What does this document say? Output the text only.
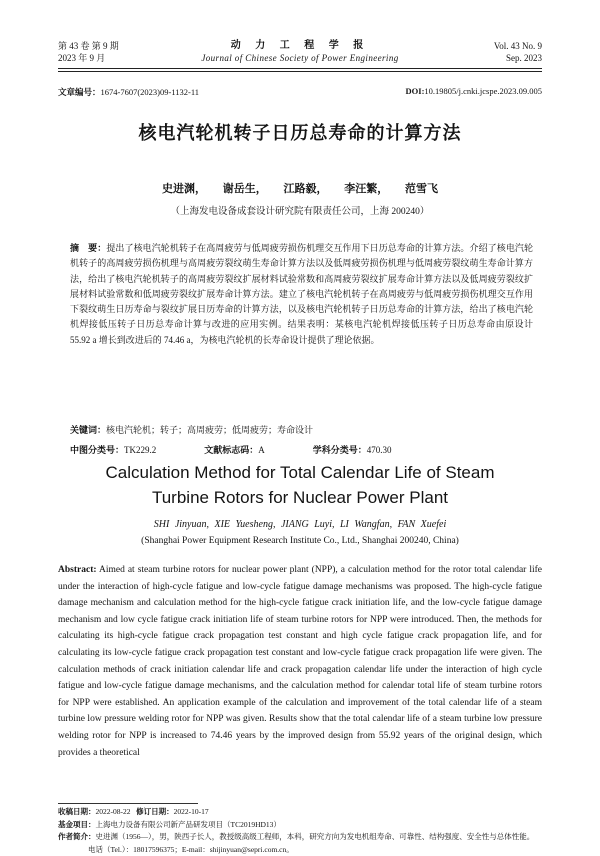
第 43 卷 第 9 期
2023 年 9 月
动 力 工 程 学 报
Journal of Chinese Society of Power Engineering
Vol. 43 No. 9
Sep. 2023
文章编号：1674-7607(2023)09-1132-11	DOI:10.19805/j.cnki.jcspe.2023.09.005
核电汽轮机转子日历总寿命的计算方法
史进渊， 谢岳生， 江路毅， 李汪繁， 范雪飞
（上海发电设备成套设计研究院有限责任公司，上海 200240）

摘　要：提出了核电汽轮机转子在高周疲劳与低周疲劳损伤机理交互作用下日历总寿命的计算方法。介绍了核电汽轮机转子的高周疲劳损伤机理与高周疲劳裂纹萌生寿命计算方法以及低周疲劳损伤机理与低周疲劳裂纹萌生寿命计算方法，给出了核电汽轮机转子的高周疲劳裂纹扩展材料试验常数和高周疲劳裂纹扩展寿命计算方法以及低周疲劳裂纹扩展材料试验常数和低周疲劳裂纹扩展寿命计算方法。建立了核电汽轮机转子在高周疲劳与低周疲劳损伤机理交互作用下裂纹萌生日历寿命与裂纹扩展日历寿命的计算方法，以及核电汽轮机转子日历总寿命的计算方法，给出了核电汽轮机焊接低压转子日历总寿命计算与改进的应用实例。结果表明：某核电汽轮机焊接低压转子日历总寿命由原设计 55.92 a 增长到改进后的 74.46 a，为核电汽轮机的长寿命设计提供了理论依据。

关键词：核电汽轮机；转子；高周疲劳；低周疲劳；寿命设计
中图分类号：TK229.2	文献标志码：A	学科分类号：470.30
Calculation Method for Total Calendar Life of Steam
Turbine Rotors for Nuclear Power Plant
SHI Jinyuan, XIE Yuesheng, JIANG Luyi, LI Wangfan, FAN Xuefei
(Shanghai Power Equipment Research Institute Co., Ltd., Shanghai 200240, China)

Abstract: Aimed at steam turbine rotors for nuclear power plant (NPP), a calculation method for the rotor total calendar life under the interaction of high-cycle fatigue and low-cycle fatigue damage mechanisms was proposed. The high-cycle fatigue damage mechanism and calculation method for the high-cycle fatigue crack initiation life, and the low-cycle fatigue damage mechanism and low cycle fatigue crack initiation life of steam turbine rotors for NPP were introduced. Then, the methods for calculating its high-cycle fatigue crack propagation test constant and high cycle fatigue crack propagation life, and for calculating its low-cycle fatigue crack propagation test constant and low-cycle fatigue crack propagation life were given. The calculation methods of crack initiation calendar life and crack propagation calendar life under the interaction of high cycle fatigue and low-cycle fatigue damage mechanisms, and the calculation method for calendar total life of steam turbine rotors for NPP were established. An application example of the calculation and improvement of the total calendar life of a steam turbine low pressure welding rotor for NPP was given. Results show that the total calendar life of a steam turbine low pressure welding rotor for NPP is increased to 74.46 years by the improved design from 55.92 years of the original design, which provides a theoretical

收稿日期：2022-08-22 修订日期：2022-10-17
基金项目：上海电力设备有限公司新产品研发项目（TC2019HD13）
作者简介：史进渊（1956—），男，陕西子长人，教授级高级工程师，本科，研究方向为发电机组寿命、可靠性、结构强度、安全性与总体性能。
电话（Tel.）：18017596375；E-mail：shijinyuan@sepri.com.cn。
